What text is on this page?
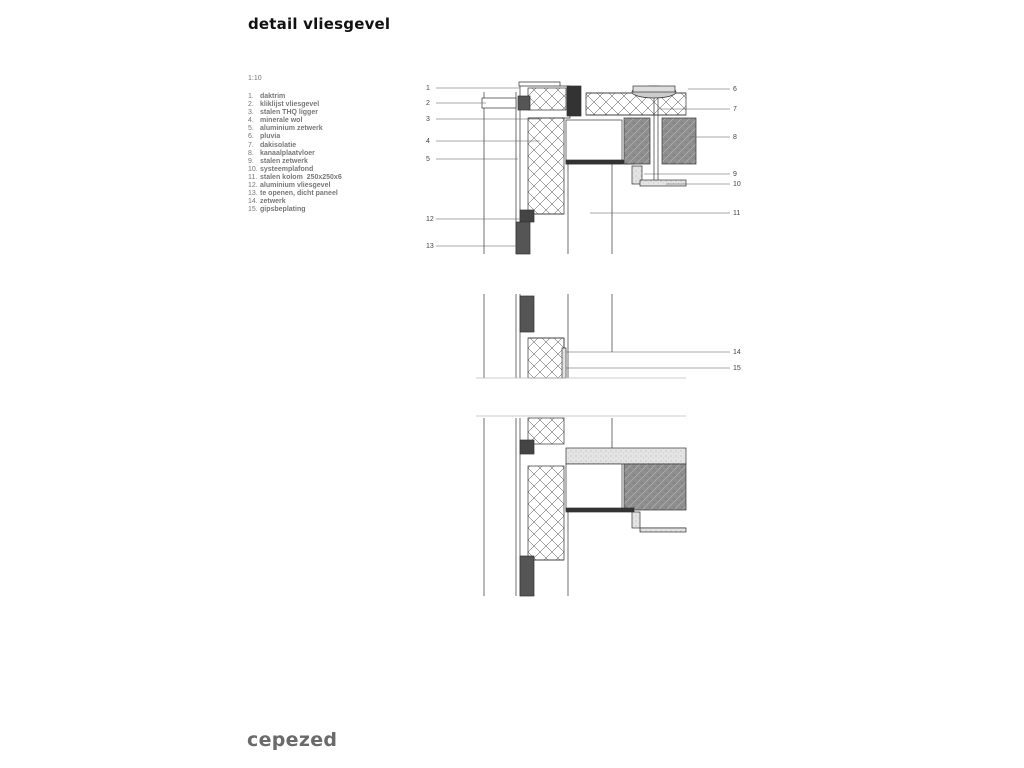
detail vliesgevel
1:10
1. daktrim
2. kliklijst vliesgevel
3. stalen THQ ligger
4. minerale wol
5. aluminium zetwerk
6. pluvia
7. dakisolatie
8. kanaalplaatvloer
9. stalen zetwerk
10. systeemplafond
11. stalen kolom  250x250x6
12. aluminium vliesgevel
13. te openen, dicht paneel
14. zetwerk
15. gipsbeplating
1
2
3
4
5
12
13
6
7
8
9
10
11
14
15
cepezed
